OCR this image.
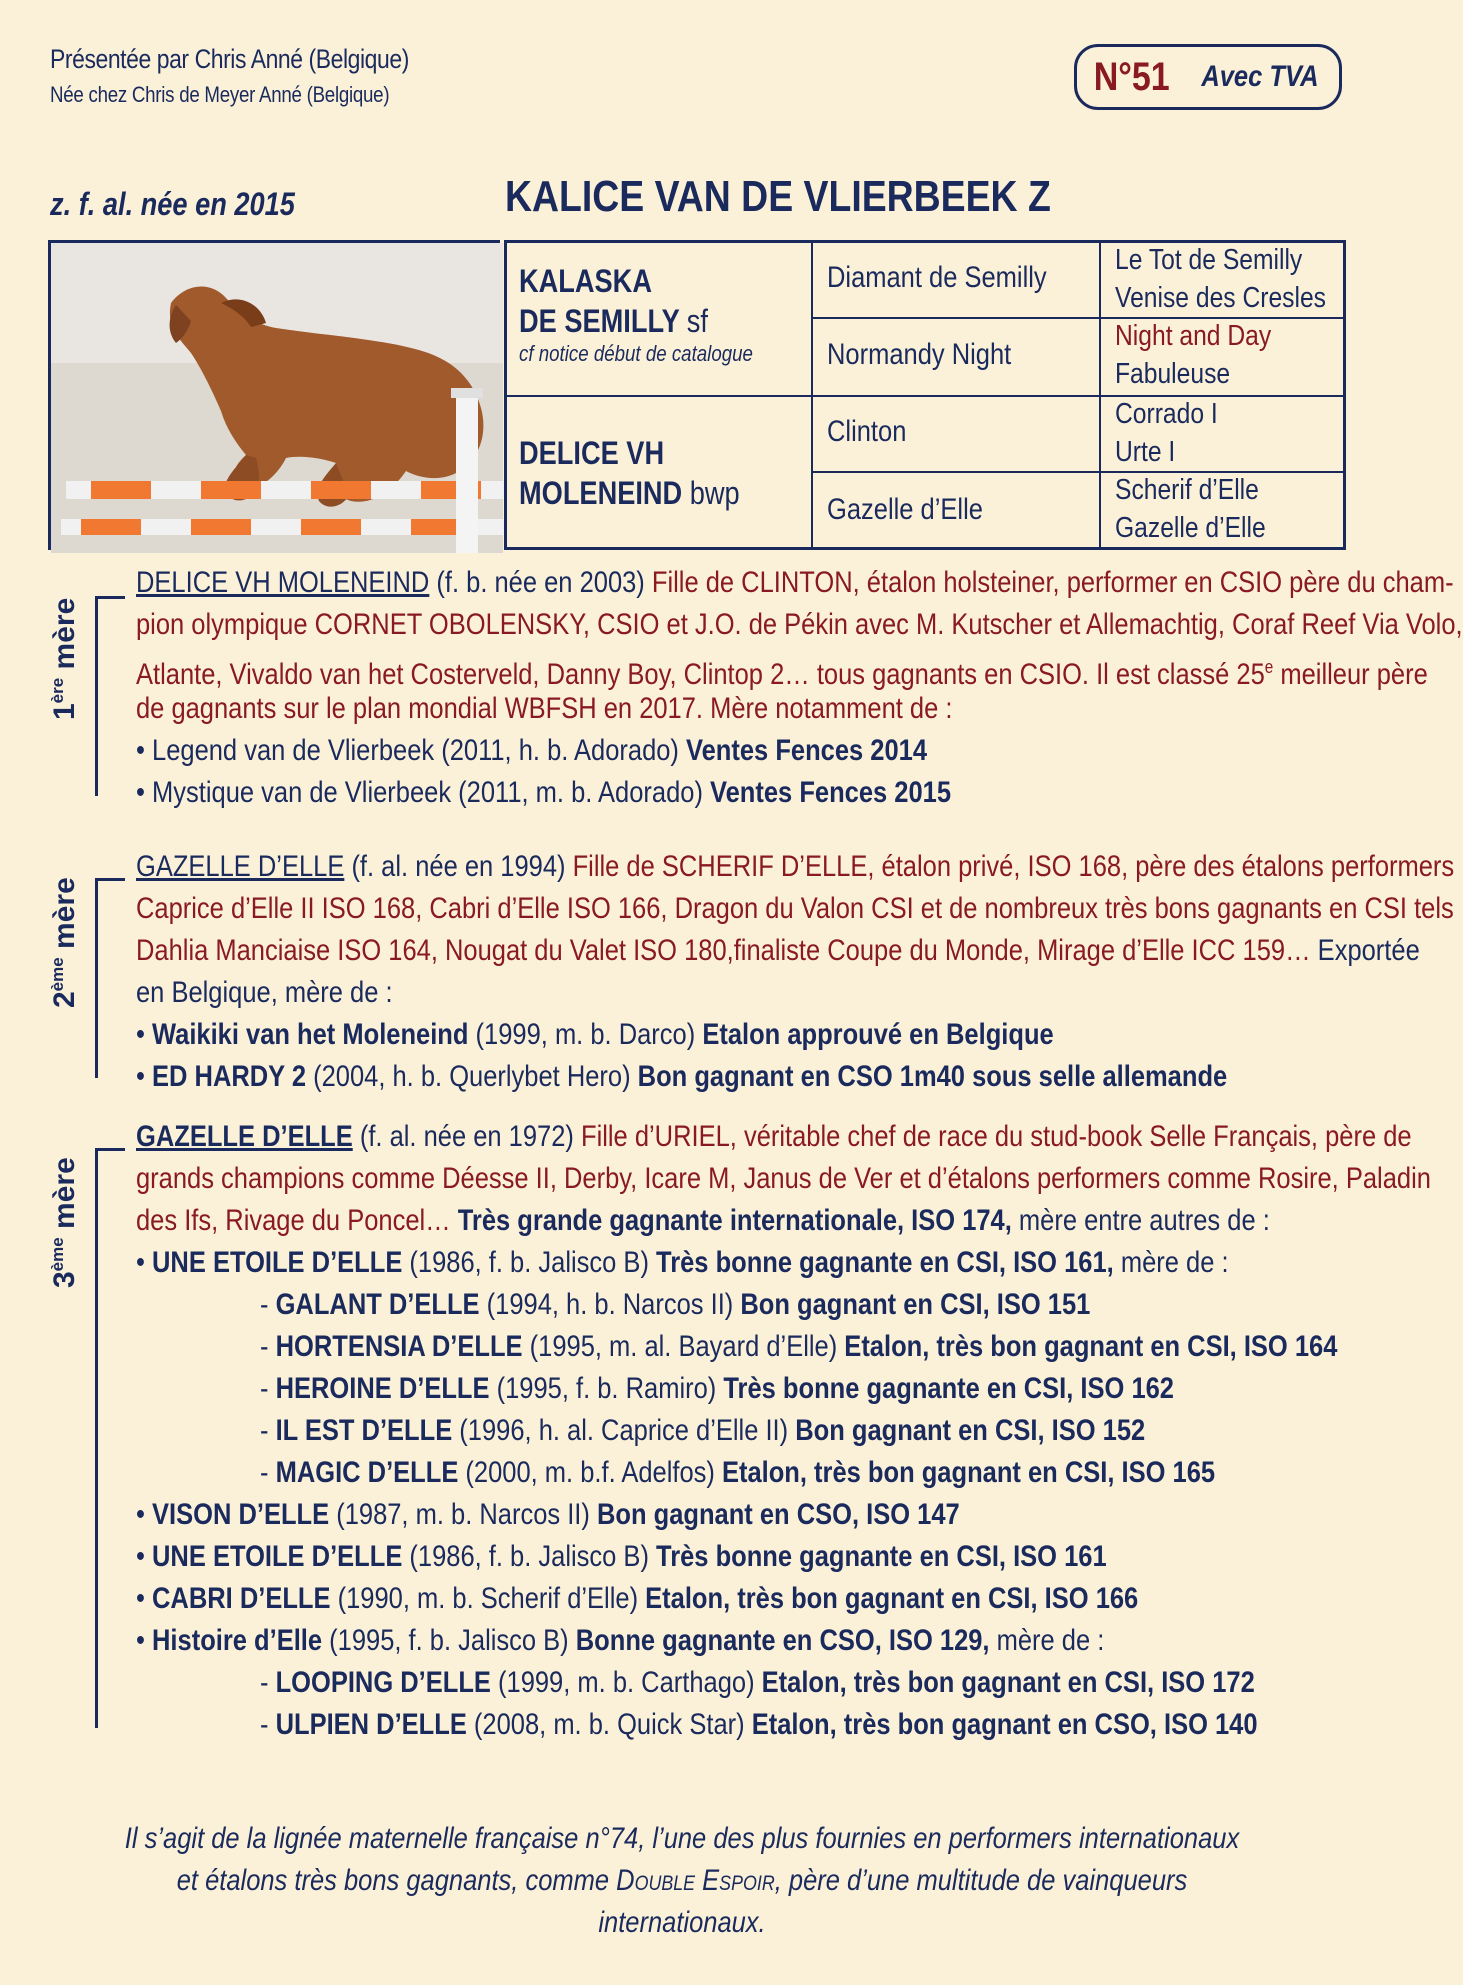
Présentée par Chris Anné (Belgique)
Née chez Chris de Meyer Anné (Belgique)	N°51 Avec TVA
z. f. al. née en 2015	KALICE VAN DE VLIERBEEK Z
KALASKA
DE SEMILLY sf
cf notice début de catalogue
DELICE VH
MOLENEIND bwp
Diamant de Semilly
Normandy Night
Clinton
Gazelle d’Elle
Le Tot de Semilly
Venise des Cresles
Night and Day
Fabuleuse
Corrado I
Urte I
Scherif d’Elle
Gazelle d’Elle
1ère mère
2ème mère
3ème mère
DELICE VH MOLENEIND (f. b. née en 2003) Fille de CLINTON, étalon holsteiner, performer en CSIO père du cham-
pion olympique CORNET OBOLENSKY, CSIO et J.O. de Pékin avec M. Kutscher et Allemachtig, Coraf Reef Via Volo,
Atlante, Vivaldo van het Costerveld, Danny Boy, Clintop 2… tous gagnants en CSIO. Il est classé 25e meilleur père
de gagnants sur le plan mondial WBFSH en 2017. Mère notamment de :
• Legend van de Vlierbeek (2011, h. b. Adorado) Ventes Fences 2014
• Mystique van de Vlierbeek (2011, m. b. Adorado) Ventes Fences 2015
GAZELLE D’ELLE (f. al. née en 1994) Fille de SCHERIF D’ELLE, étalon privé, ISO 168, père des étalons performers
Caprice d’Elle II ISO 168, Cabri d’Elle ISO 166, Dragon du Valon CSI et de nombreux très bons gagnants en CSI tels
Dahlia Manciaise ISO 164, Nougat du Valet ISO 180,finaliste Coupe du Monde, Mirage d’Elle ICC 159… Exportée
en Belgique, mère de :
• Waikiki van het Moleneind (1999, m. b. Darco) Etalon approuvé en Belgique
• ED HARDY 2 (2004, h. b. Querlybet Hero) Bon gagnant en CSO 1m40 sous selle allemande
GAZELLE D’ELLE (f. al. née en 1972) Fille d’URIEL, véritable chef de race du stud-book Selle Français, père de
grands champions comme Déesse II, Derby, Icare M, Janus de Ver et d’étalons performers comme Rosire, Paladin
des Ifs, Rivage du Poncel… Très grande gagnante internationale, ISO 174, mère entre autres de :
• UNE ETOILE D’ELLE (1986, f. b. Jalisco B) Très bonne gagnante en CSI, ISO 161, mère de :
- GALANT D’ELLE (1994, h. b. Narcos II) Bon gagnant en CSI, ISO 151
- HORTENSIA D’ELLE (1995, m. al. Bayard d’Elle) Etalon, très bon gagnant en CSI, ISO 164
- HEROINE D’ELLE (1995, f. b. Ramiro) Très bonne gagnante en CSI, ISO 162
- IL EST D’ELLE (1996, h. al. Caprice d’Elle II) Bon gagnant en CSI, ISO 152
- MAGIC D’ELLE (2000, m. b.f. Adelfos) Etalon, très bon gagnant en CSI, ISO 165
• VISON D’ELLE (1987, m. b. Narcos II) Bon gagnant en CSO, ISO 147
• UNE ETOILE D’ELLE (1986, f. b. Jalisco B) Très bonne gagnante en CSI, ISO 161
• CABRI D’ELLE (1990, m. b. Scherif d’Elle) Etalon, très bon gagnant en CSI, ISO 166
• Histoire d’Elle (1995, f. b. Jalisco B) Bonne gagnante en CSO, ISO 129, mère de :
- LOOPING D’ELLE (1999, m. b. Carthago) Etalon, très bon gagnant en CSI, ISO 172
- ULPIEN D’ELLE (2008, m. b. Quick Star) Etalon, très bon gagnant en CSO, ISO 140
Il s’agit de la lignée maternelle française n°74, l’une des plus fournies en performers internationaux
et étalons très bons gagnants, comme Double Espoir, père d’une multitude de vainqueurs internationaux.
